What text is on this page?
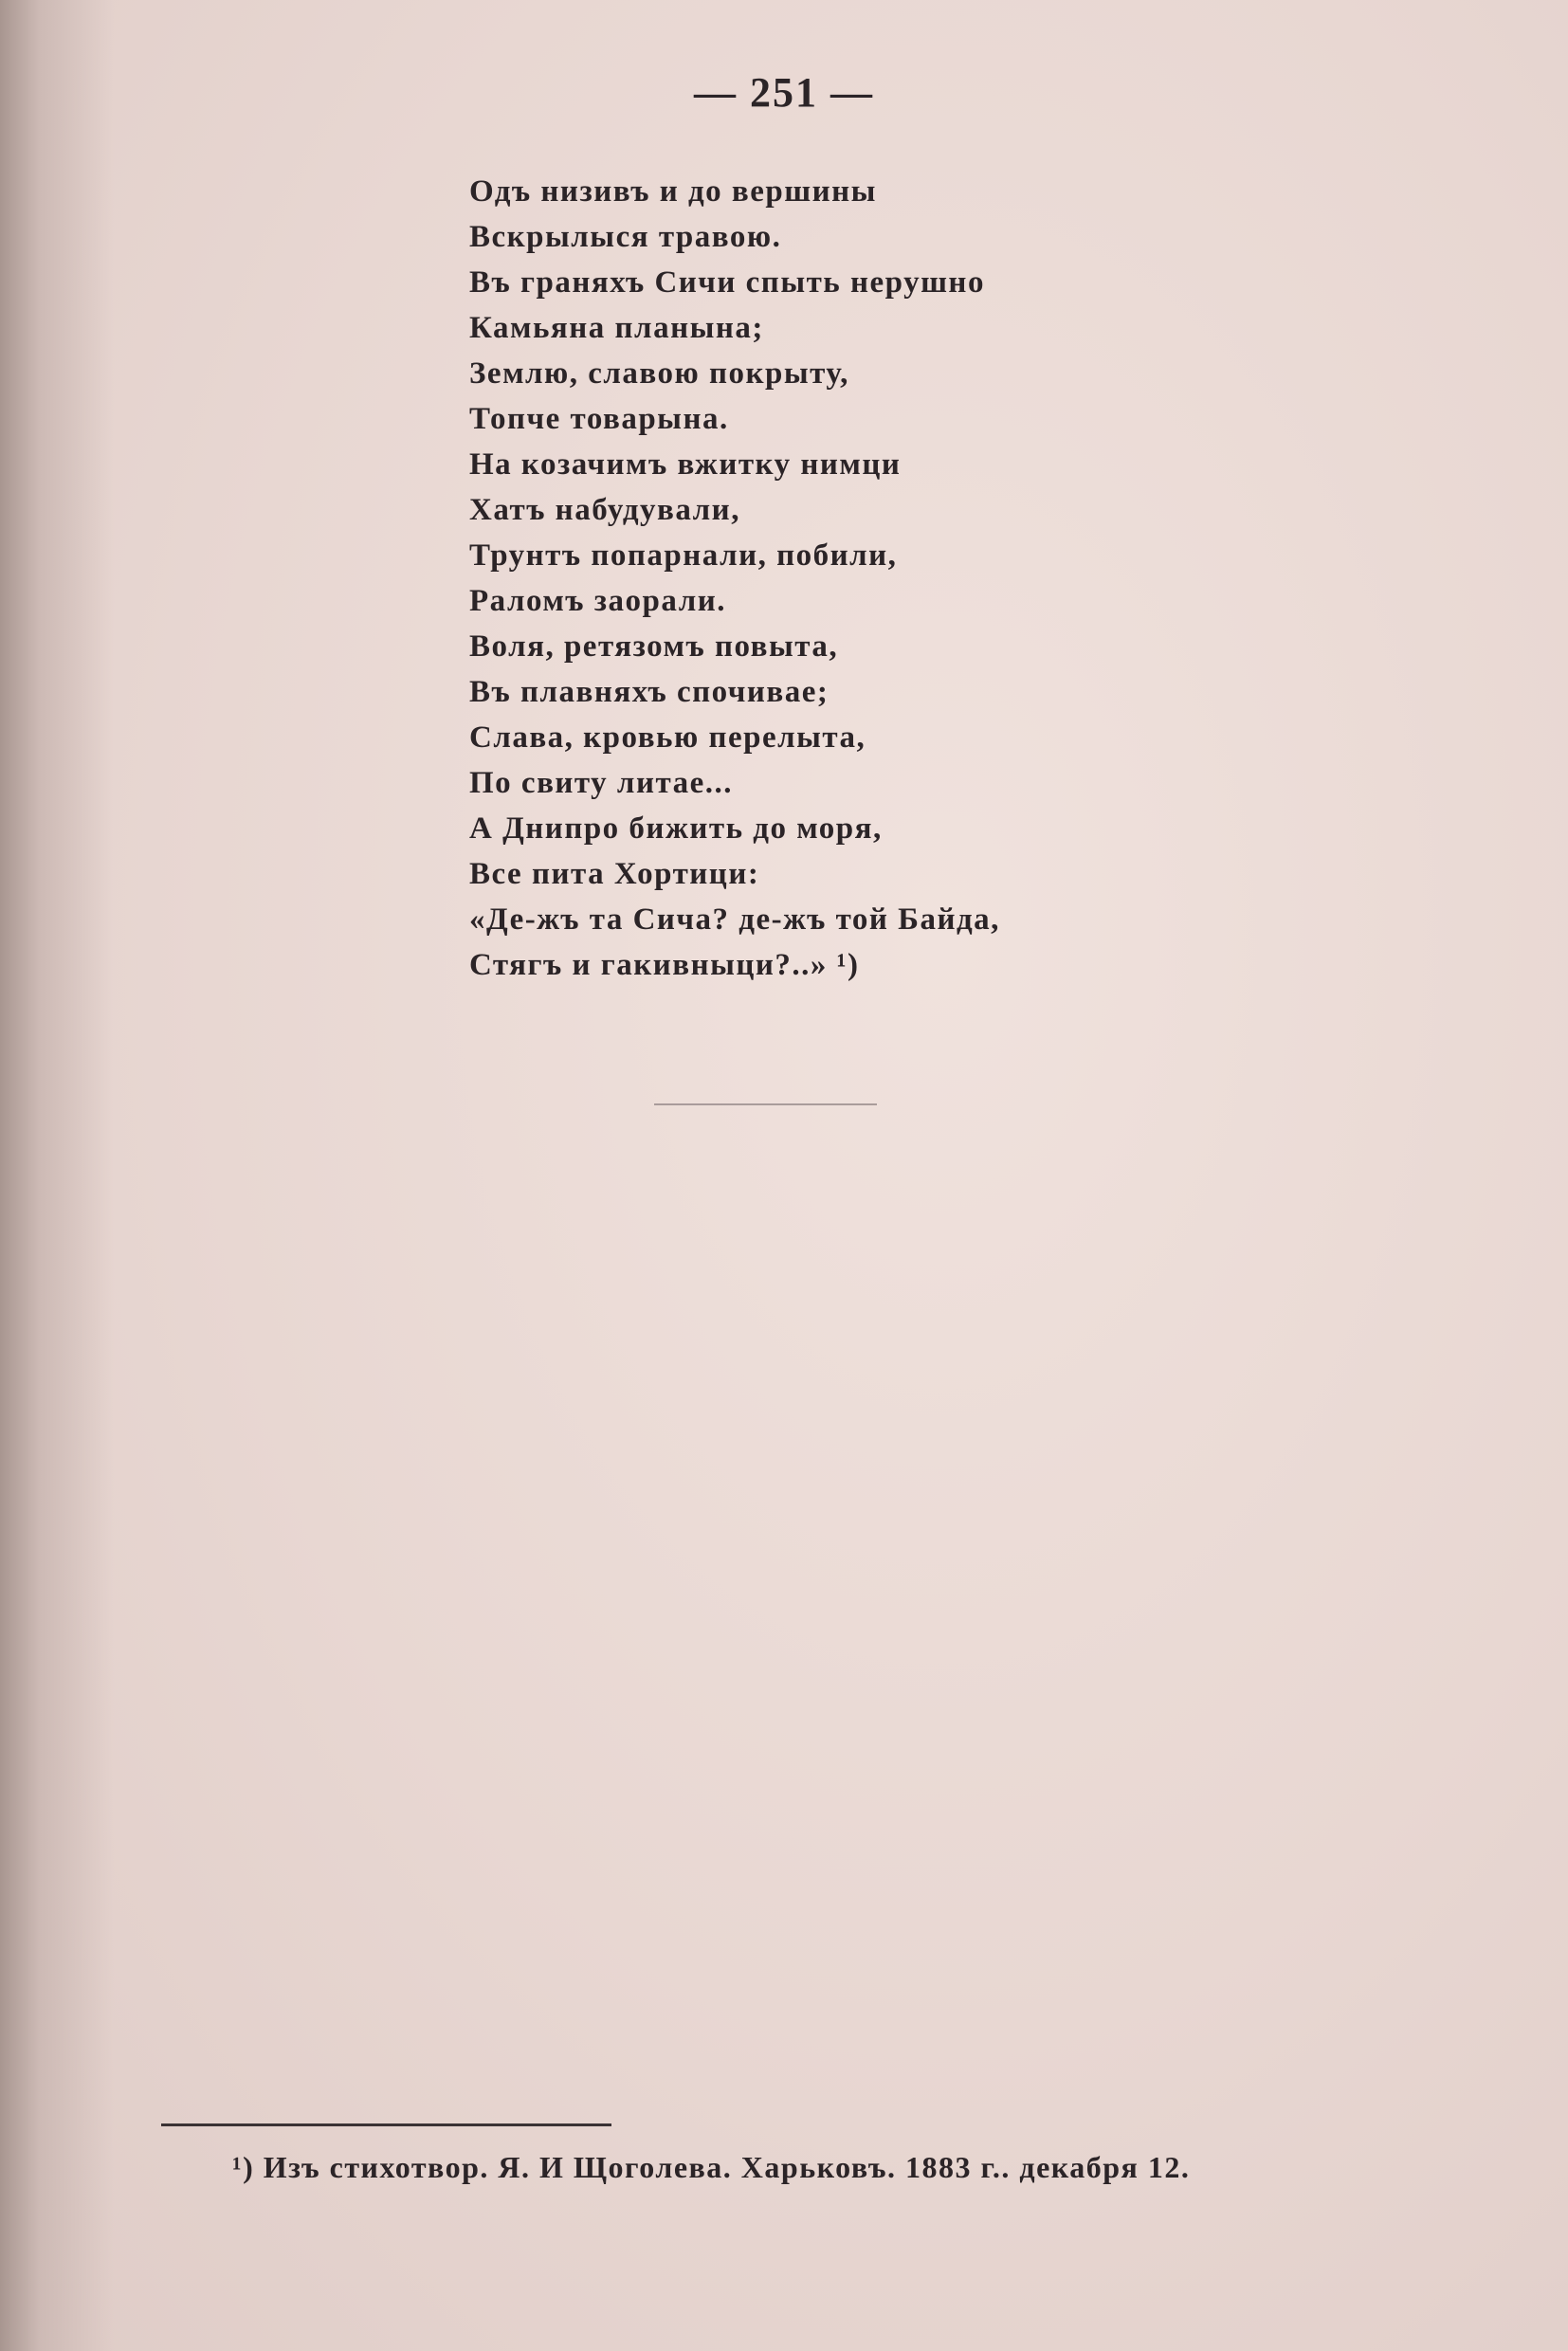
— 251 —
Одъ низивъ и до вершины
Вскрылыся травою.
Въ граняхъ Сичи спыть нерушно
Камьяна планына;
Землю, славою покрыту,
Топче товарына.
На козачимъ вжитку нимци
Хатъ набудували,
Трунтъ попарнали, побили,
Раломъ заорали.
Воля, ретязомъ повыта,
Въ плавняхъ спочивае;
Слава, кровью перелыта,
По свиту литае...
А Днипро бижить до моря,
Все пита Хортици:
«Де-жъ та Сича? де-жъ той Байда,
Стягъ и гакивныци?..» ¹)
¹) Изъ стихотвор. Я. И Щоголева. Харьковъ. 1883 г.. декабря 12.
